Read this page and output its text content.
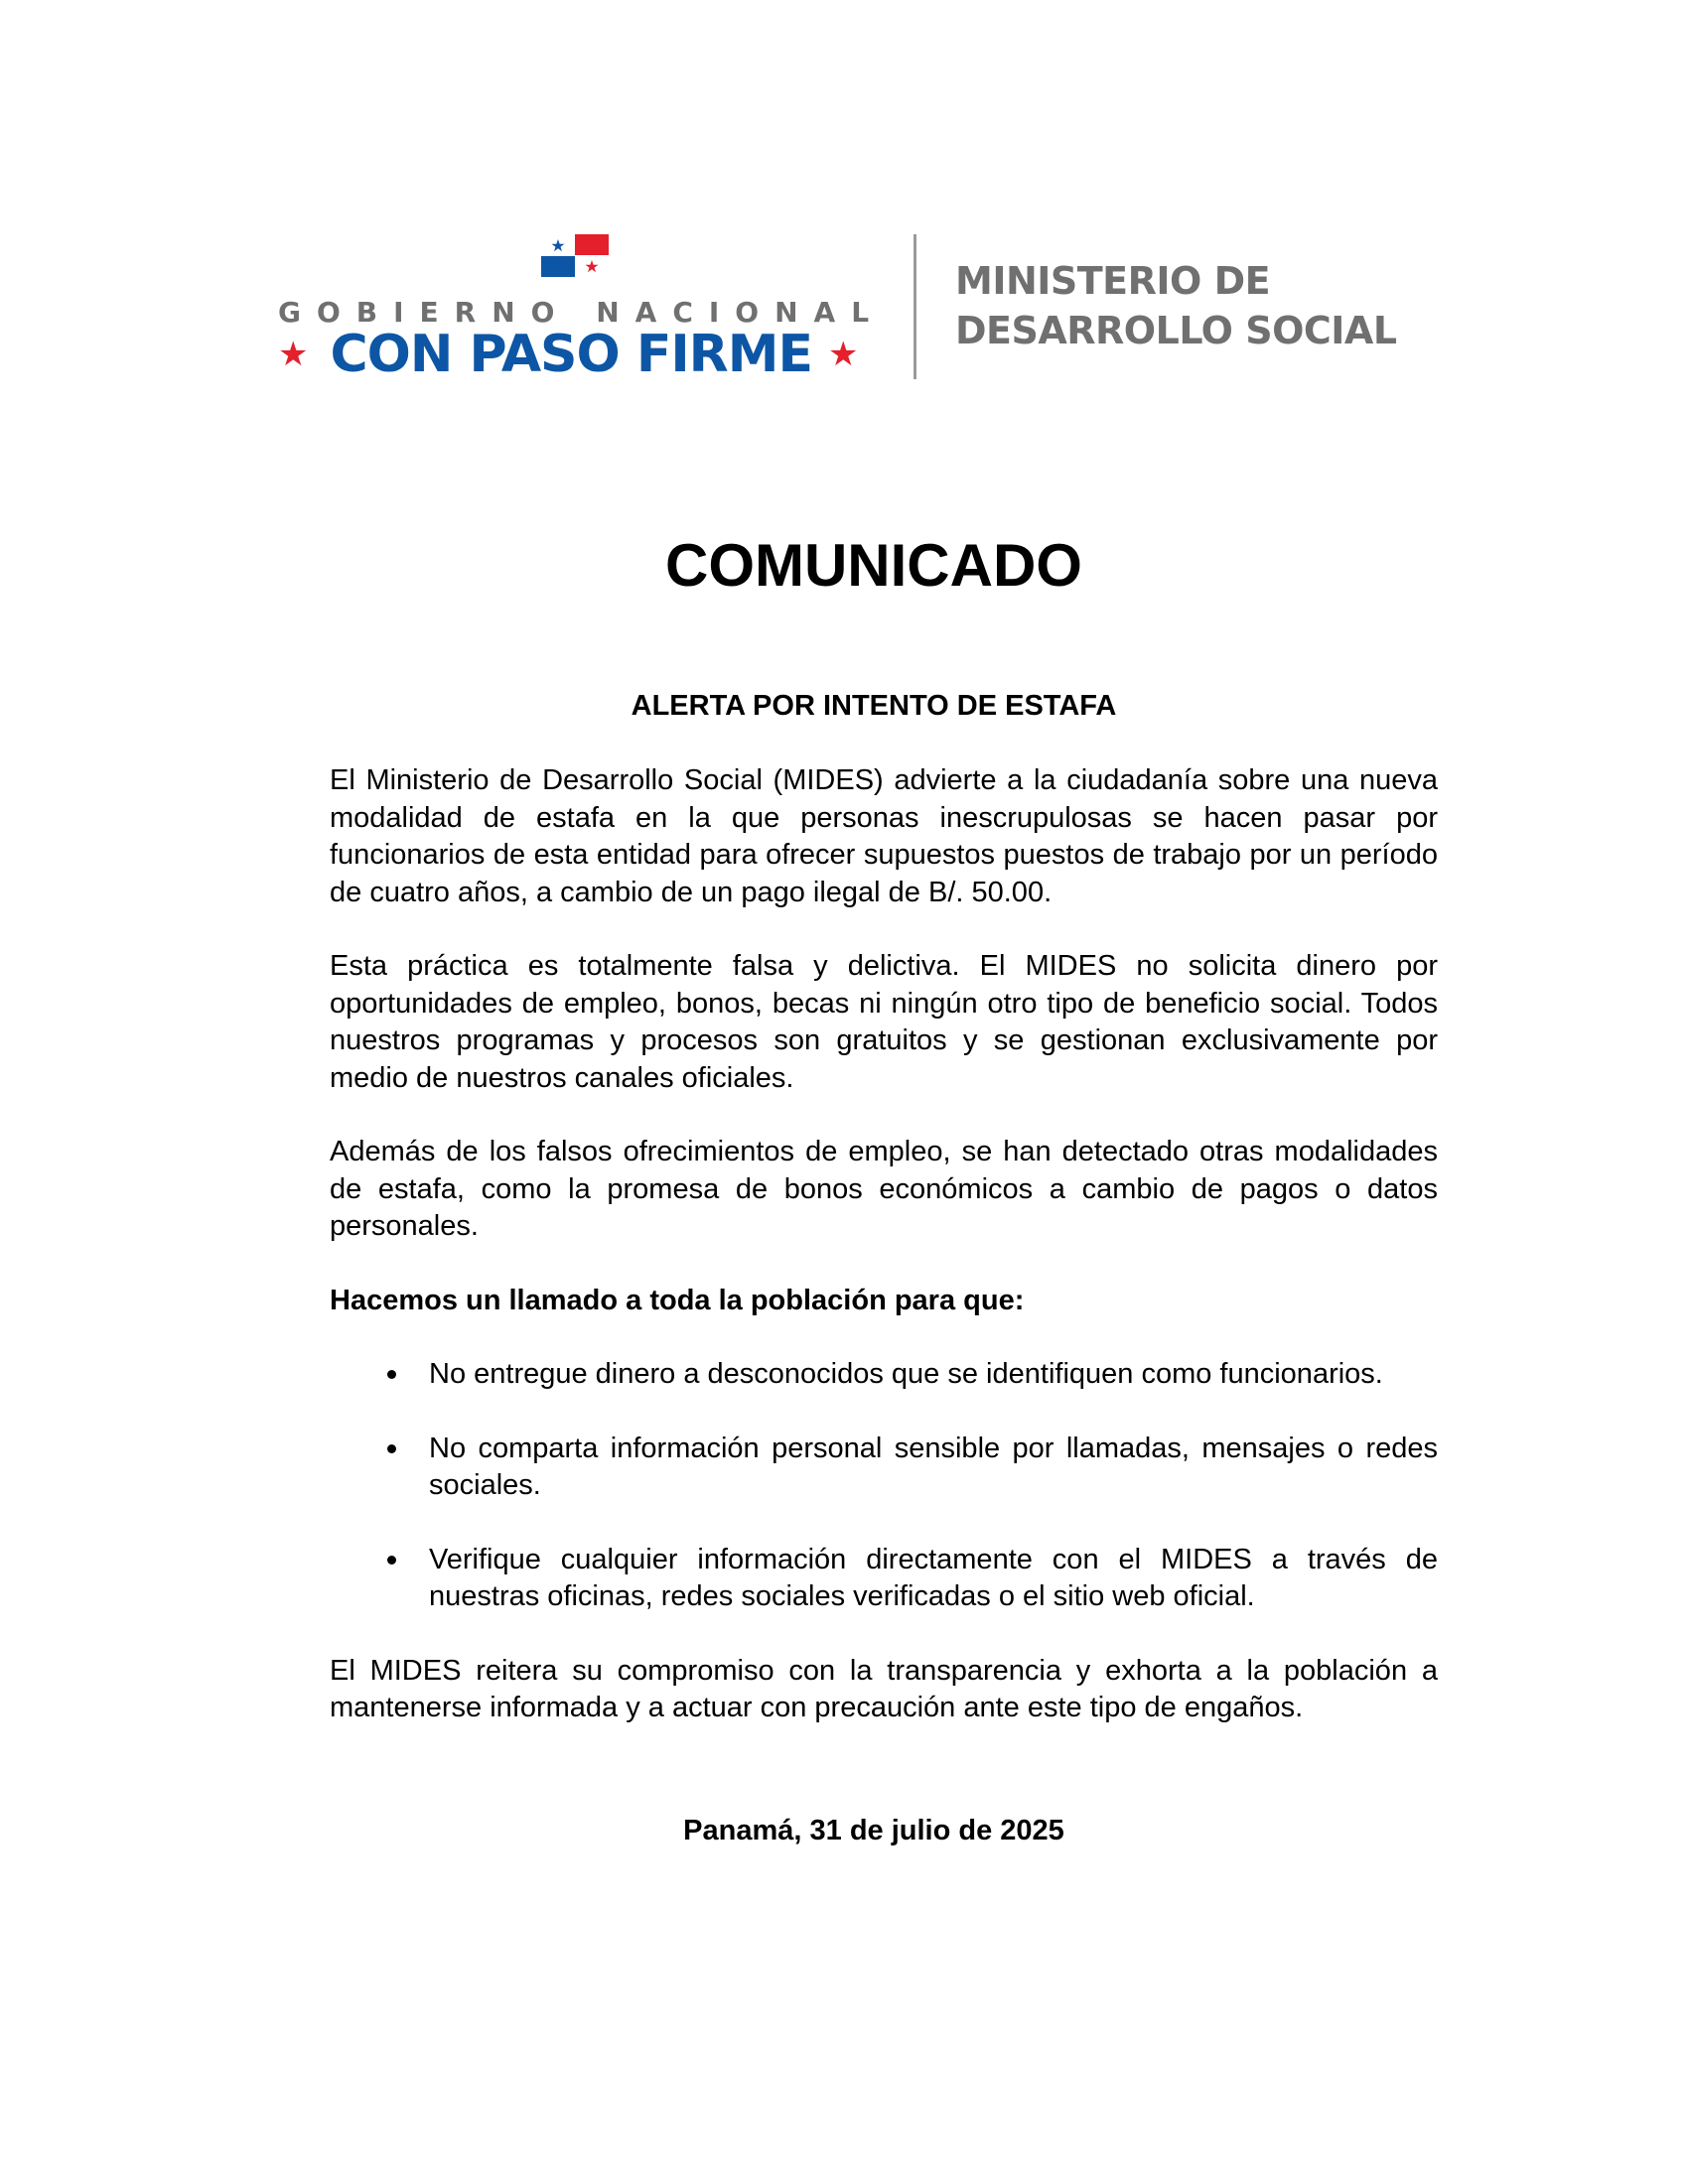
GOBIERNO NACIONAL
★ CON PASO FIRME ★
MINISTERIO DE
DESARROLLO SOCIAL
COMUNICADO
ALERTA POR INTENTO DE ESTAFA

El Ministerio de Desarrollo Social (MIDES) advierte a la ciudadanía sobre una nueva modalidad de estafa en la que personas inescrupulosas se hacen pasar por funcionarios de esta entidad para ofrecer supuestos puestos de trabajo por un período de cuatro años, a cambio de un pago ilegal de B/. 50.00.

Esta práctica es totalmente falsa y delictiva. El MIDES no solicita dinero por oportunidades de empleo, bonos, becas ni ningún otro tipo de beneficio social. Todos nuestros programas y procesos son gratuitos y se gestionan exclusivamente por medio de nuestros canales oficiales.

Además de los falsos ofrecimientos de empleo, se han detectado otras modalidades de estafa, como la promesa de bonos económicos a cambio de pagos o datos personales.

Hacemos un llamado a toda la población para que:

No entregue dinero a desconocidos que se identifiquen como funcionarios.
No comparta información personal sensible por llamadas, mensajes o redes sociales.
Verifique cualquier información directamente con el MIDES a través de nuestras oficinas, redes sociales verificadas o el sitio web oficial.

El MIDES reitera su compromiso con la transparencia y exhorta a la población a mantenerse informada y a actuar con precaución ante este tipo de engaños.

Panamá, 31 de julio de 2025
